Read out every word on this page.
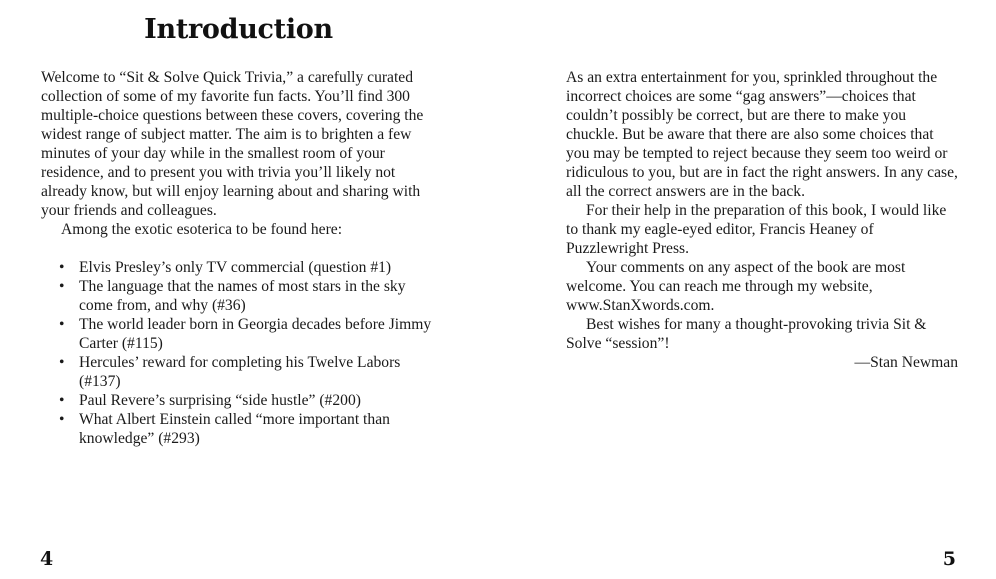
Introduction

Welcome to “Sit & Solve Quick Trivia,” a carefully curated collection of some of my favorite fun facts. You’ll find 300 multiple-choice questions between these covers, covering the widest range of subject matter. The aim is to brighten a few minutes of your day while in the smallest room of your residence, and to present you with trivia you’ll likely not already know, but will enjoy learning about and sharing with your friends and colleagues.

Among the exotic esoterica to be found here:

• Elvis Presley’s only TV commercial (question #1)
• The language that the names of most stars in the sky come from, and why (#36)
• The world leader born in Georgia decades before Jimmy Carter (#115)
• Hercules’ reward for completing his Twelve Labors (#137)
• Paul Revere’s surprising “side hustle” (#200)
• What Albert Einstein called “more important than knowledge” (#293)
4

As an extra entertainment for you, sprinkled throughout the incorrect choices are some “gag answers”—choices that couldn’t possibly be correct, but are there to make you chuckle. But be aware that there are also some choices that you may be tempted to reject because they seem too weird or ridiculous to you, but are in fact the right answers. In any case, all the correct answers are in the back.

For their help in the preparation of this book, I would like to thank my eagle-eyed editor, Francis Heaney of Puzzlewright Press.

Your comments on any aspect of the book are most welcome. You can reach me through my website, www.StanXwords.com.

Best wishes for many a thought-provoking trivia Sit & Solve “session”!

—Stan Newman

5
